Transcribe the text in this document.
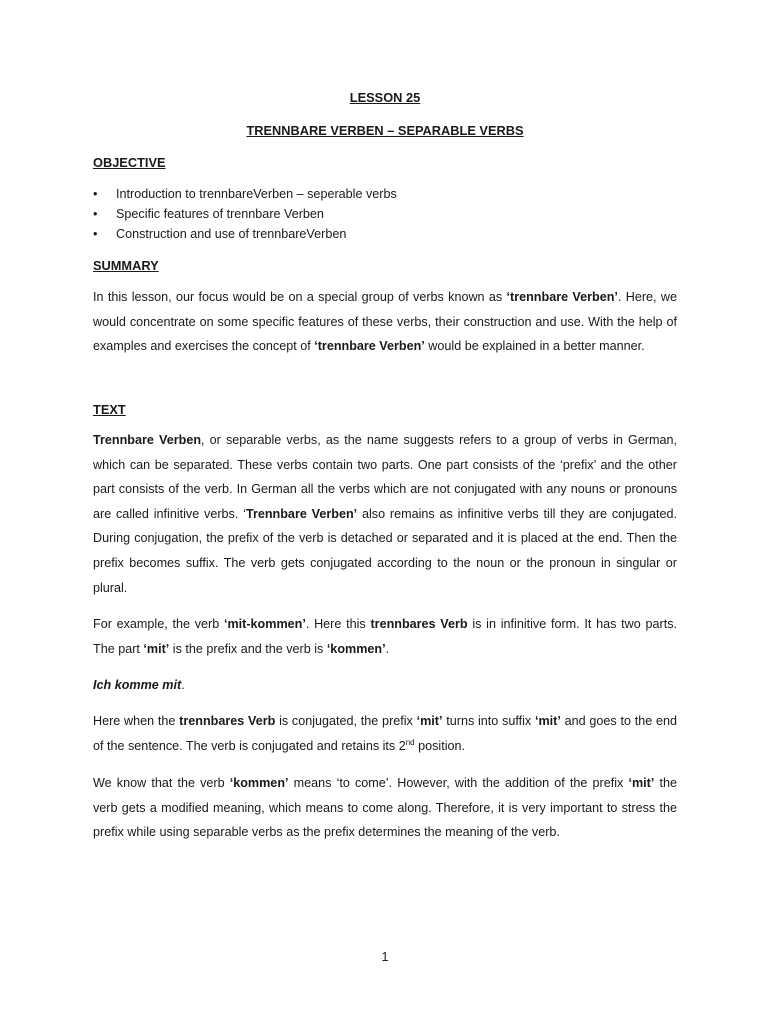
LESSON 25
TRENNBARE VERBEN – SEPARABLE VERBS
OBJECTIVE
•	Introduction to trennbareVerben – seperable verbs
•	Specific features of trennbare Verben
•	Construction and use of trennbareVerben
SUMMARY
In this lesson, our focus would be on a special group of verbs known as ‘trennbare Verben’. Here, we would concentrate on some specific features of these verbs, their construction and use. With the help of examples and exercises the concept of ‘trennbare Verben’ would be explained in a better manner.
TEXT
Trennbare Verben, or separable verbs, as the name suggests refers to a group of verbs in German, which can be separated. These verbs contain two parts. One part consists of the ‘prefix’ and the other part consists of the verb. In German all the verbs which are not conjugated with any nouns or pronouns are called infinitive verbs. ‘Trennbare Verben’ also remains as infinitive verbs till they are conjugated. During conjugation, the prefix of the verb is detached or separated and it is placed at the end. Then the prefix becomes suffix. The verb gets conjugated according to the noun or the pronoun in singular or plural.
For example, the verb ‘mit-kommen’. Here this trennbares Verb is in infinitive form. It has two parts. The part ‘mit’ is the prefix and the verb is ‘kommen’.
Ich komme mit.
Here when the trennbares Verb is conjugated, the prefix ‘mit’ turns into suffix ‘mit’ and goes to the end of the sentence. The verb is conjugated and retains its 2nd position.
We know that the verb ‘kommen’ means ‘to come’. However, with the addition of the prefix ‘mit’ the verb gets a modified meaning, which means to come along. Therefore, it is very important to stress the prefix while using separable verbs as the prefix determines the meaning of the verb.
1
